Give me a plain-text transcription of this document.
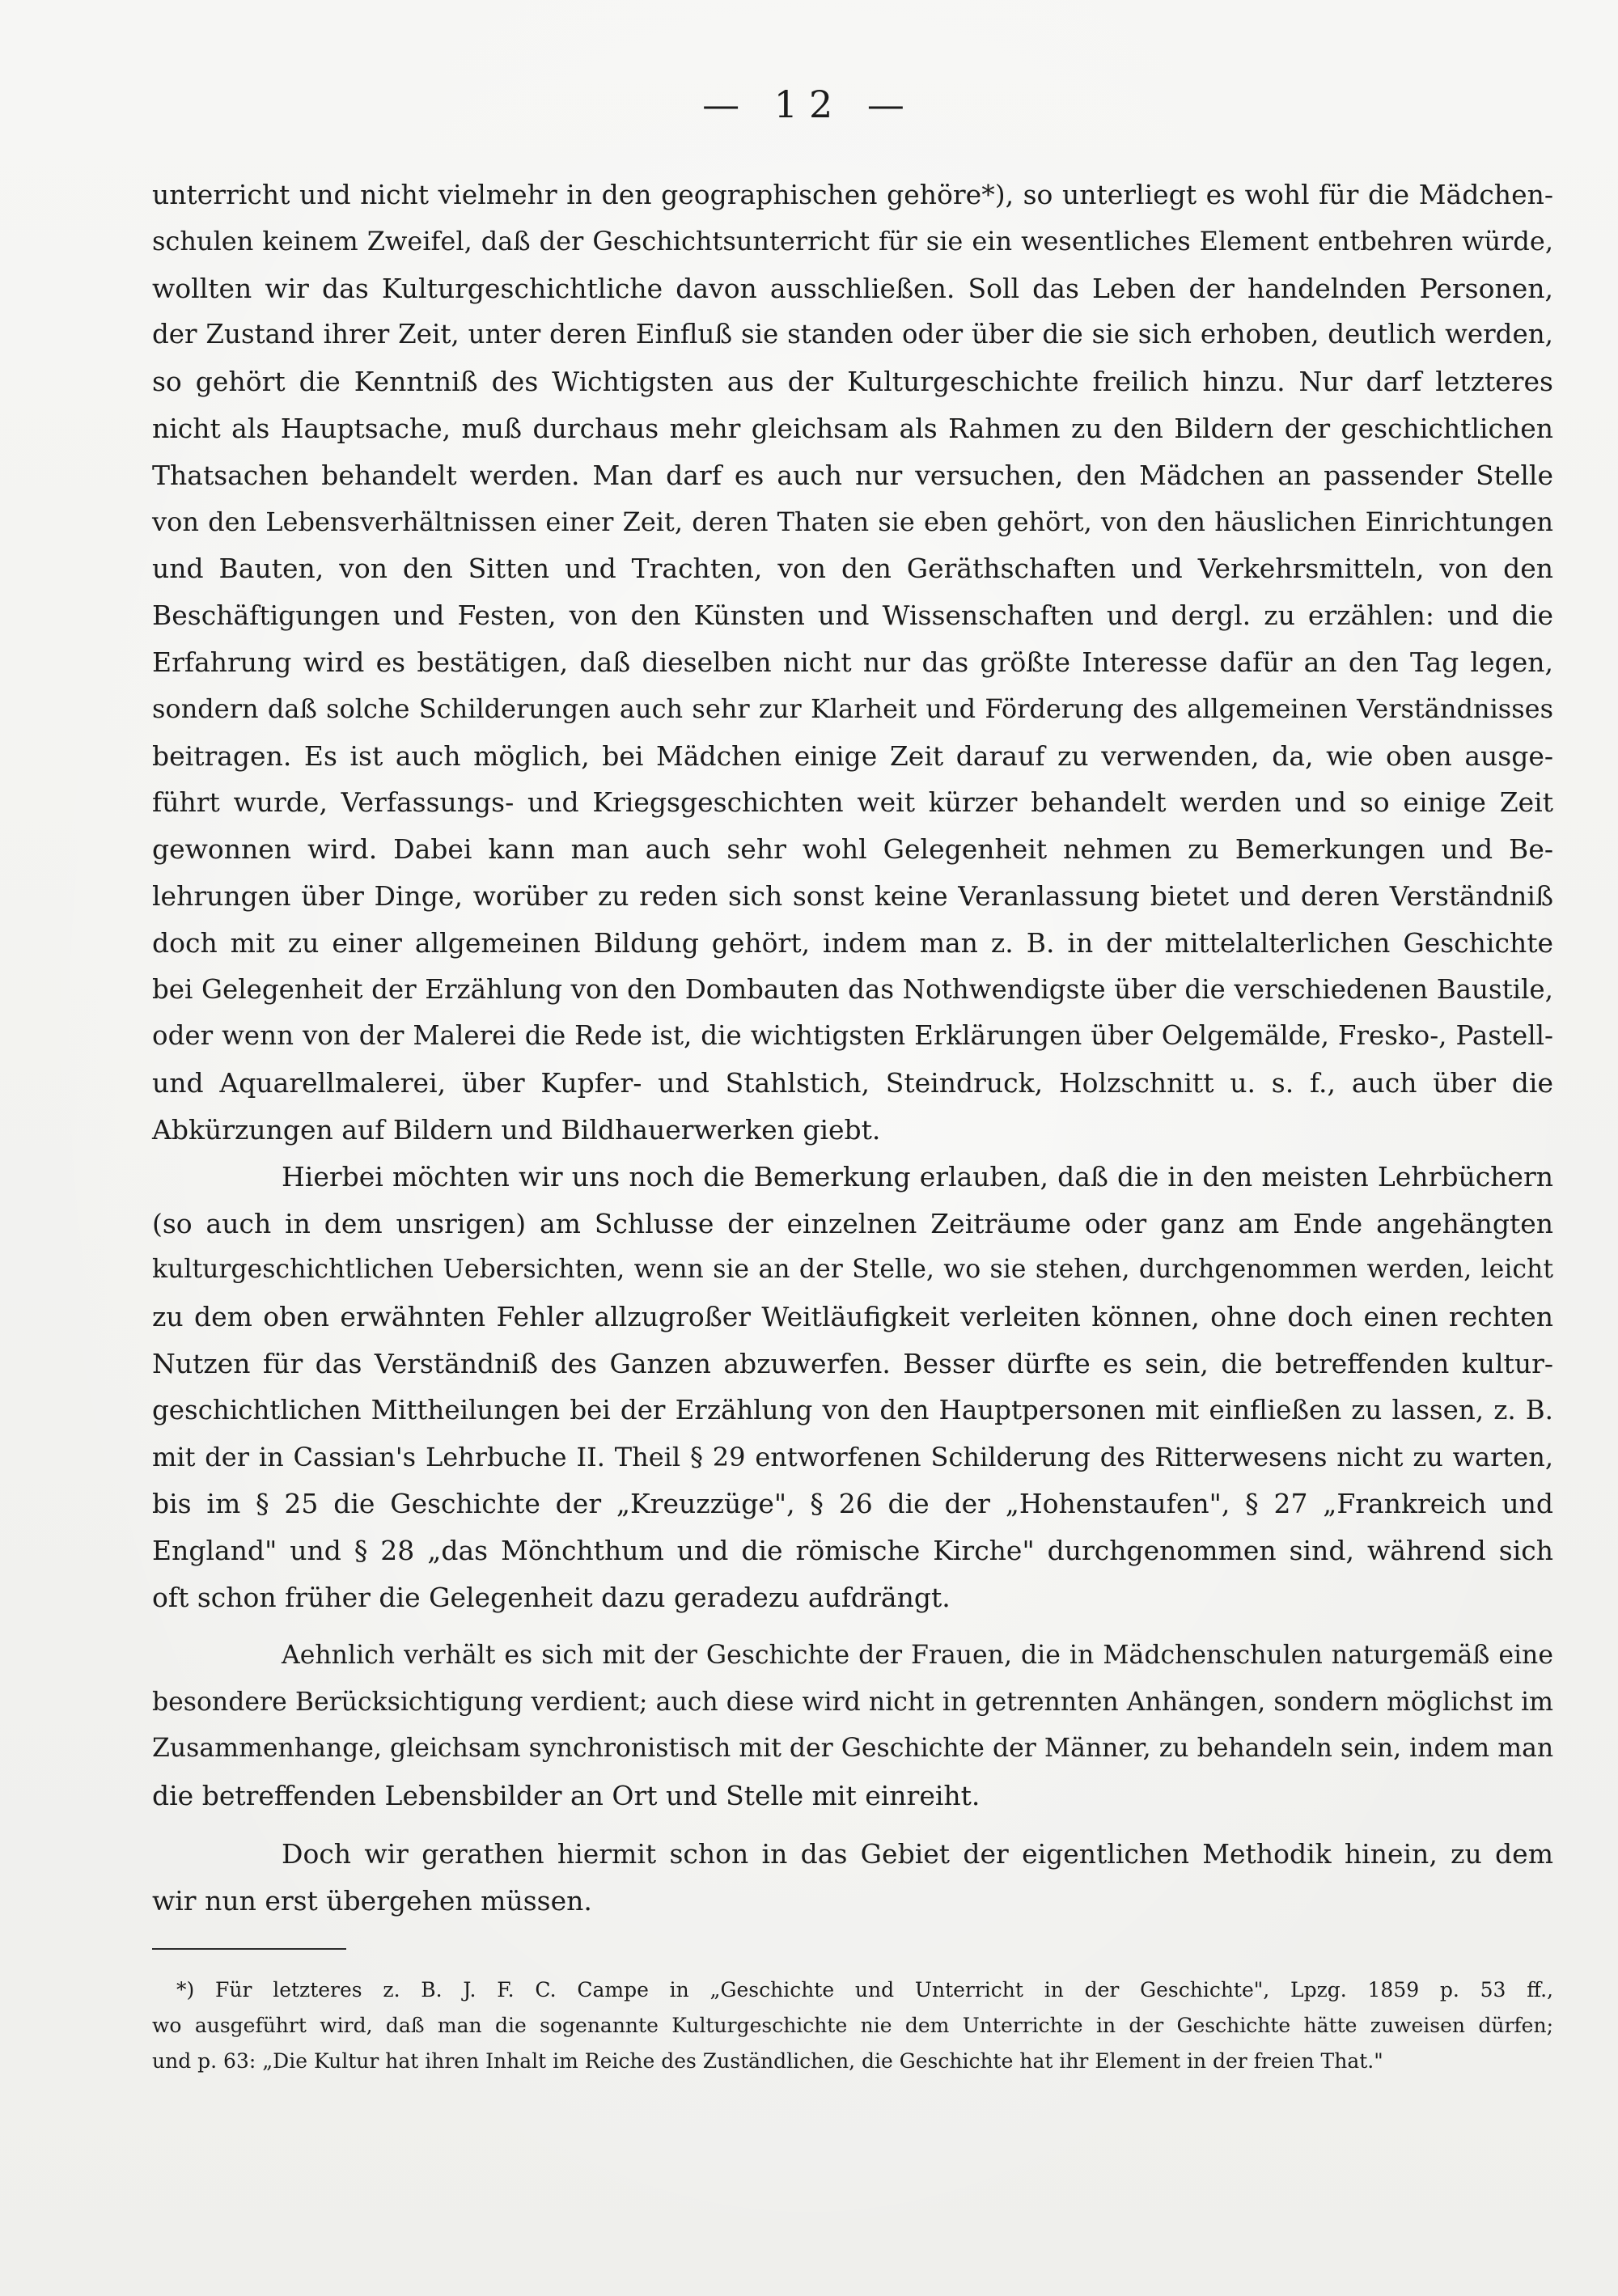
— 12 —
unterricht und nicht vielmehr in den geographischen gehöre*), so unterliegt es wohl für die Mädchen-
schulen keinem Zweifel, daß der Geschichtsunterricht für sie ein wesentliches Element entbehren würde,
wollten wir das Kulturgeschichtliche davon ausschließen. Soll das Leben der handelnden Personen,
der Zustand ihrer Zeit, unter deren Einfluß sie standen oder über die sie sich erhoben, deutlich werden,
so gehört die Kenntniß des Wichtigsten aus der Kulturgeschichte freilich hinzu. Nur darf letzteres
nicht als Hauptsache, muß durchaus mehr gleichsam als Rahmen zu den Bildern der geschichtlichen
Thatsachen behandelt werden. Man darf es auch nur versuchen, den Mädchen an passender Stelle
von den Lebensverhältnissen einer Zeit, deren Thaten sie eben gehört, von den häuslichen Einrichtungen
und Bauten, von den Sitten und Trachten, von den Geräthschaften und Verkehrsmitteln, von den
Beschäftigungen und Festen, von den Künsten und Wissenschaften und dergl. zu erzählen: und die
Erfahrung wird es bestätigen, daß dieselben nicht nur das größte Interesse dafür an den Tag legen,
sondern daß solche Schilderungen auch sehr zur Klarheit und Förderung des allgemeinen Verständnisses
beitragen. Es ist auch möglich, bei Mädchen einige Zeit darauf zu verwenden, da, wie oben ausge-
führt wurde, Verfassungs- und Kriegsgeschichten weit kürzer behandelt werden und so einige Zeit
gewonnen wird. Dabei kann man auch sehr wohl Gelegenheit nehmen zu Bemerkungen und Be-
lehrungen über Dinge, worüber zu reden sich sonst keine Veranlassung bietet und deren Verständniß
doch mit zu einer allgemeinen Bildung gehört, indem man z. B. in der mittelalterlichen Geschichte
bei Gelegenheit der Erzählung von den Dombauten das Nothwendigste über die verschiedenen Baustile,
oder wenn von der Malerei die Rede ist, die wichtigsten Erklärungen über Oelgemälde, Fresko-, Pastell-
und Aquarellmalerei, über Kupfer- und Stahlstich, Steindruck, Holzschnitt u. s. f., auch über die
Abkürzungen auf Bildern und Bildhauerwerken giebt.
Hierbei möchten wir uns noch die Bemerkung erlauben, daß die in den meisten Lehrbüchern
(so auch in dem unsrigen) am Schlusse der einzelnen Zeiträume oder ganz am Ende angehängten
kulturgeschichtlichen Uebersichten, wenn sie an der Stelle, wo sie stehen, durchgenommen werden, leicht
zu dem oben erwähnten Fehler allzugroßer Weitläufigkeit verleiten können, ohne doch einen rechten
Nutzen für das Verständniß des Ganzen abzuwerfen. Besser dürfte es sein, die betreffenden kultur-
geschichtlichen Mittheilungen bei der Erzählung von den Hauptpersonen mit einfließen zu lassen, z. B.
mit der in Cassian's Lehrbuche II. Theil § 29 entworfenen Schilderung des Ritterwesens nicht zu warten,
bis im § 25 die Geschichte der „Kreuzzüge", § 26 die der „Hohenstaufen", § 27 „Frankreich und
England" und § 28 „das Mönchthum und die römische Kirche" durchgenommen sind, während sich
oft schon früher die Gelegenheit dazu geradezu aufdrängt.
Aehnlich verhält es sich mit der Geschichte der Frauen, die in Mädchenschulen naturgemäß eine
besondere Berücksichtigung verdient; auch diese wird nicht in getrennten Anhängen, sondern möglichst im
Zusammenhange, gleichsam synchronistisch mit der Geschichte der Männer, zu behandeln sein, indem man
die betreffenden Lebensbilder an Ort und Stelle mit einreiht.
Doch wir gerathen hiermit schon in das Gebiet der eigentlichen Methodik hinein, zu dem
wir nun erst übergehen müssen.
*) Für letzteres z. B. J. F. C. Campe in „Geschichte und Unterricht in der Geschichte", Lpzg. 1859 p. 53 ff.,
wo ausgeführt wird, daß man die sogenannte Kulturgeschichte nie dem Unterrichte in der Geschichte hätte zuweisen dürfen;
und p. 63: „Die Kultur hat ihren Inhalt im Reiche des Zuständlichen, die Geschichte hat ihr Element in der freien That."
